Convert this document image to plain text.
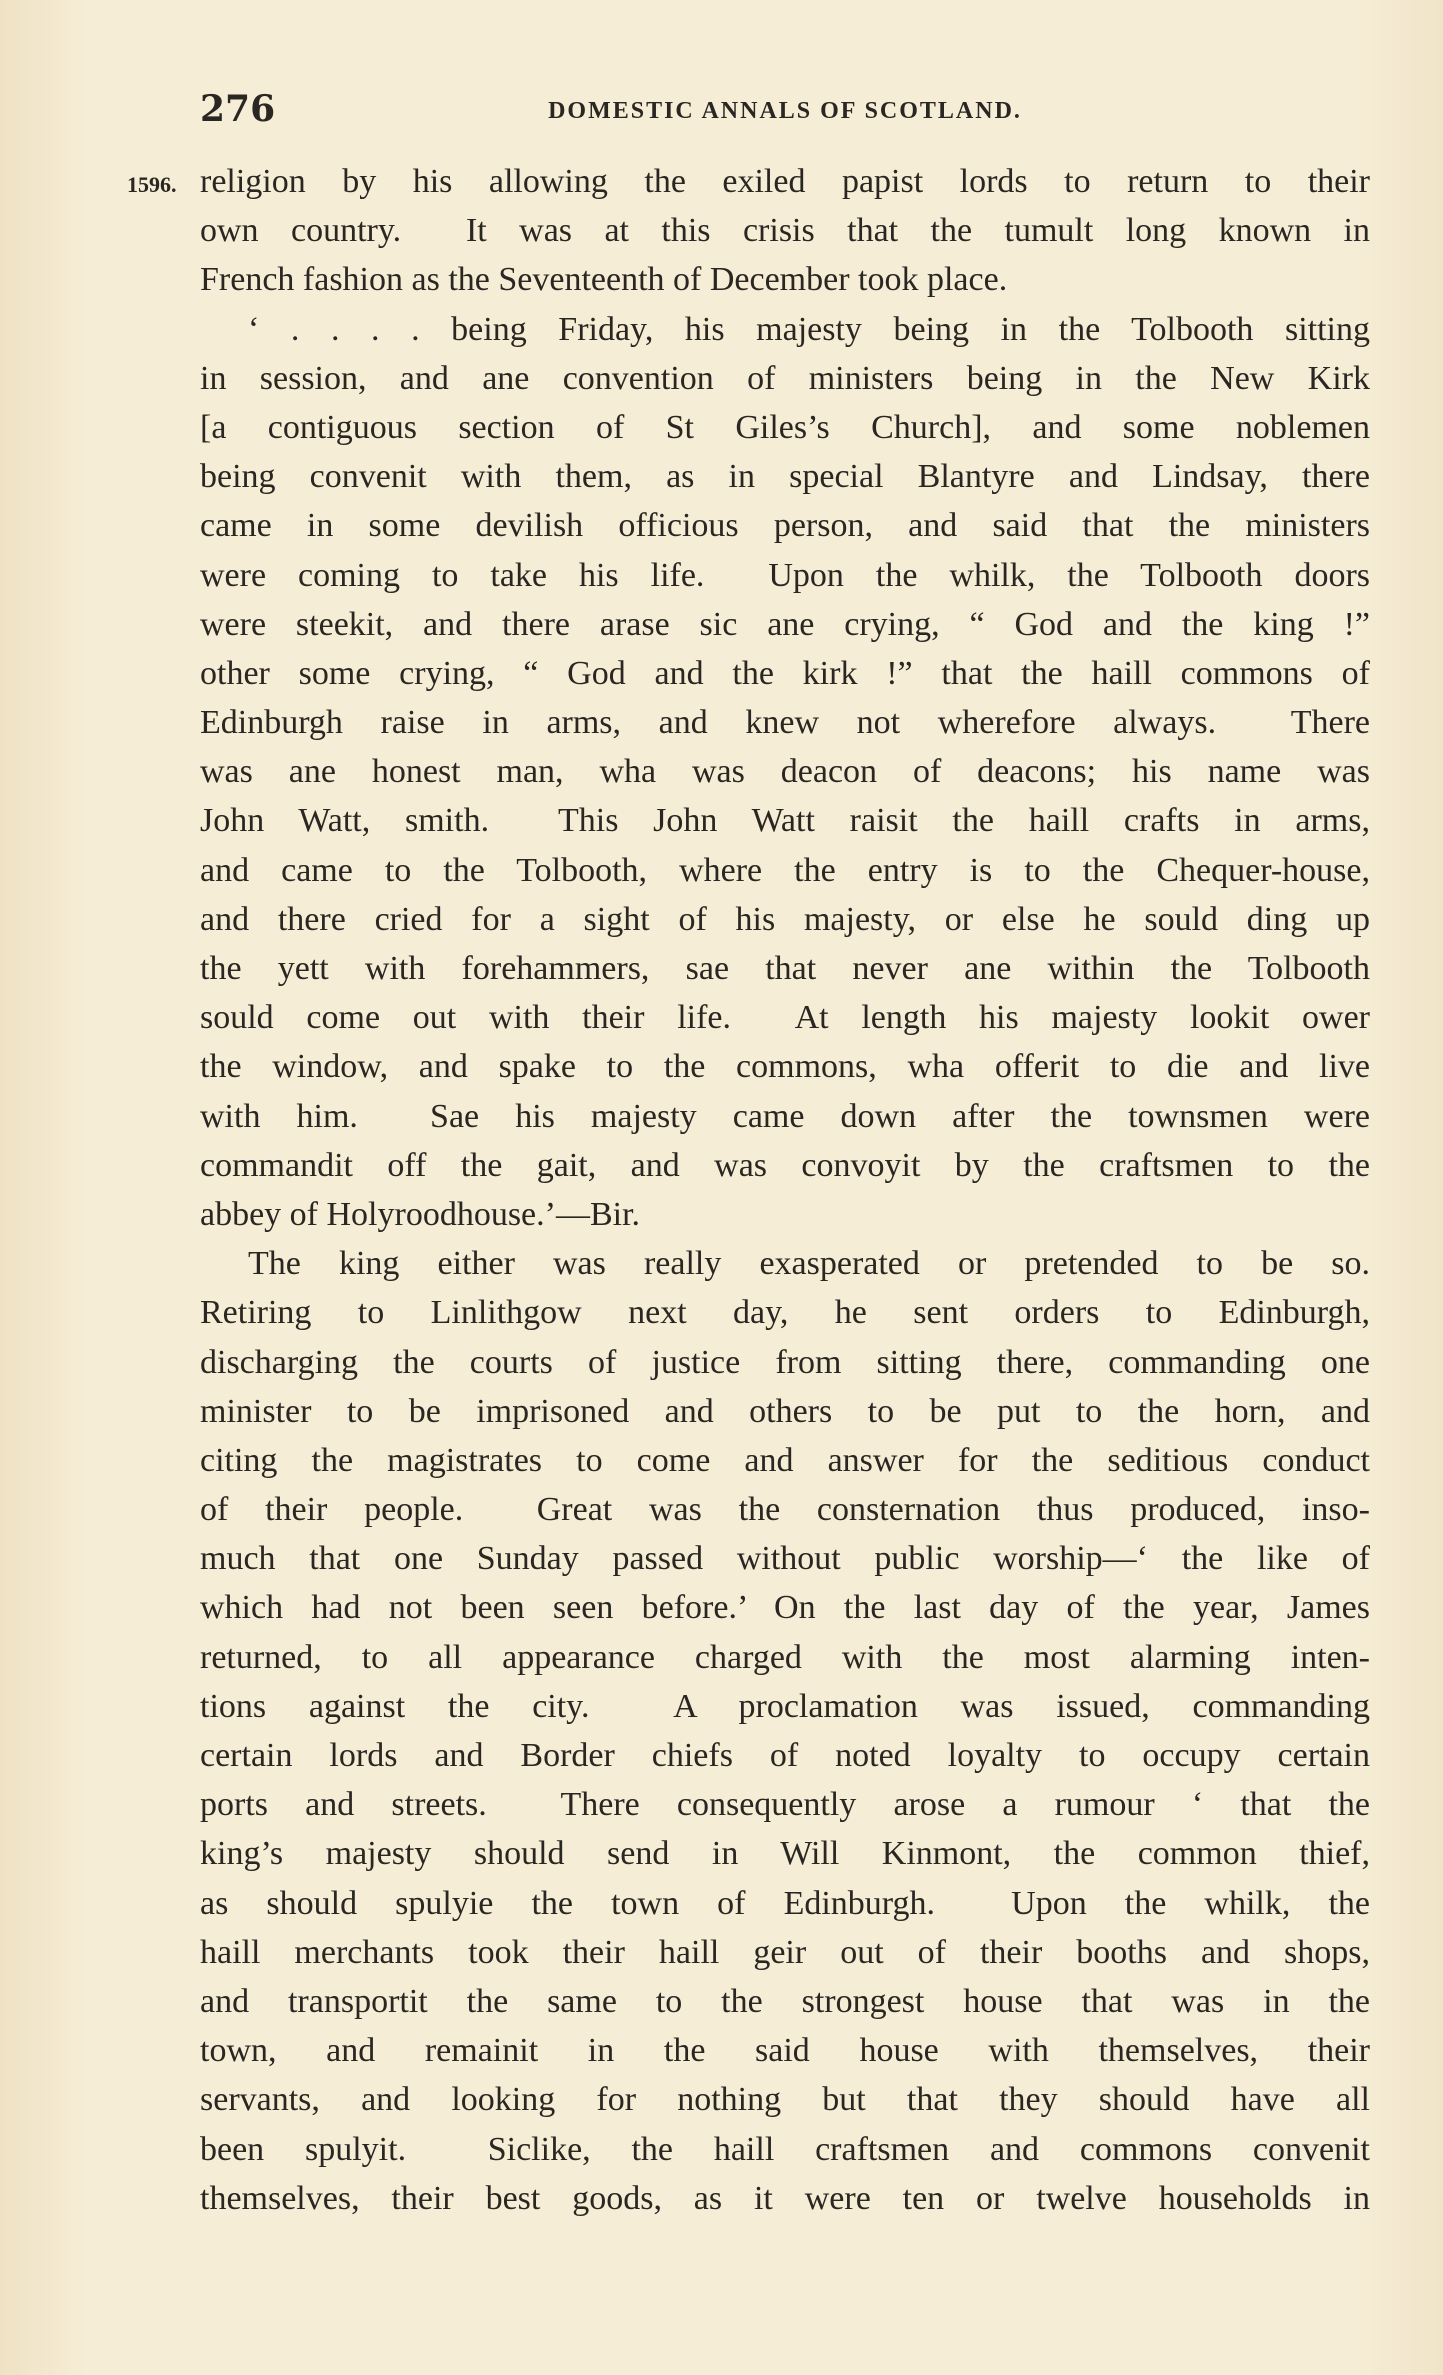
276	DOMESTIC ANNALS OF SCOTLAND.
1596. religion by his allowing the exiled papist lords to return to their
own country.  It was at this crisis that the tumult long known in
French fashion as the Seventeenth of December took place.
‘ . . . . being Friday, his majesty being in the Tolbooth sitting
in session, and ane convention of ministers being in the New Kirk
[a contiguous section of St Giles’s Church], and some noblemen
being convenit with them, as in special Blantyre and Lindsay, there
came in some devilish officious person, and said that the ministers
were coming to take his life.  Upon the whilk, the Tolbooth doors
were steekit, and there arase sic ane crying, “ God and the king !”
other some crying, “ God and the kirk !” that the haill commons of
Edinburgh raise in arms, and knew not wherefore always.  There
was ane honest man, wha was deacon of deacons; his name was
John Watt, smith.  This John Watt raisit the haill crafts in arms,
and came to the Tolbooth, where the entry is to the Chequer-house,
and there cried for a sight of his majesty, or else he sould ding up
the yett with forehammers, sae that never ane within the Tolbooth
sould come out with their life.  At length his majesty lookit ower
the window, and spake to the commons, wha offerit to die and live
with him.  Sae his majesty came down after the townsmen were
commandit off the gait, and was convoyit by the craftsmen to the
abbey of Holyroodhouse.’—Bir.
The king either was really exasperated or pretended to be so.
Retiring to Linlithgow next day, he sent orders to Edinburgh,
discharging the courts of justice from sitting there, commanding one
minister to be imprisoned and others to be put to the horn, and
citing the magistrates to come and answer for the seditious conduct
of their people.  Great was the consternation thus produced, inso-
much that one Sunday passed without public worship—‘ the like of
which had not been seen before.’ On the last day of the year, James
returned, to all appearance charged with the most alarming inten-
tions against the city.  A proclamation was issued, commanding
certain lords and Border chiefs of noted loyalty to occupy certain
ports and streets.  There consequently arose a rumour ‘ that the
king’s majesty should send in Will Kinmont, the common thief,
as should spulyie the town of Edinburgh.  Upon the whilk, the
haill merchants took their haill geir out of their booths and shops,
and transportit the same to the strongest house that was in the
town, and remainit in the said house with themselves, their
servants, and looking for nothing but that they should have all
been spulyit.  Siclike, the haill craftsmen and commons convenit
themselves, their best goods, as it were ten or twelve households in
